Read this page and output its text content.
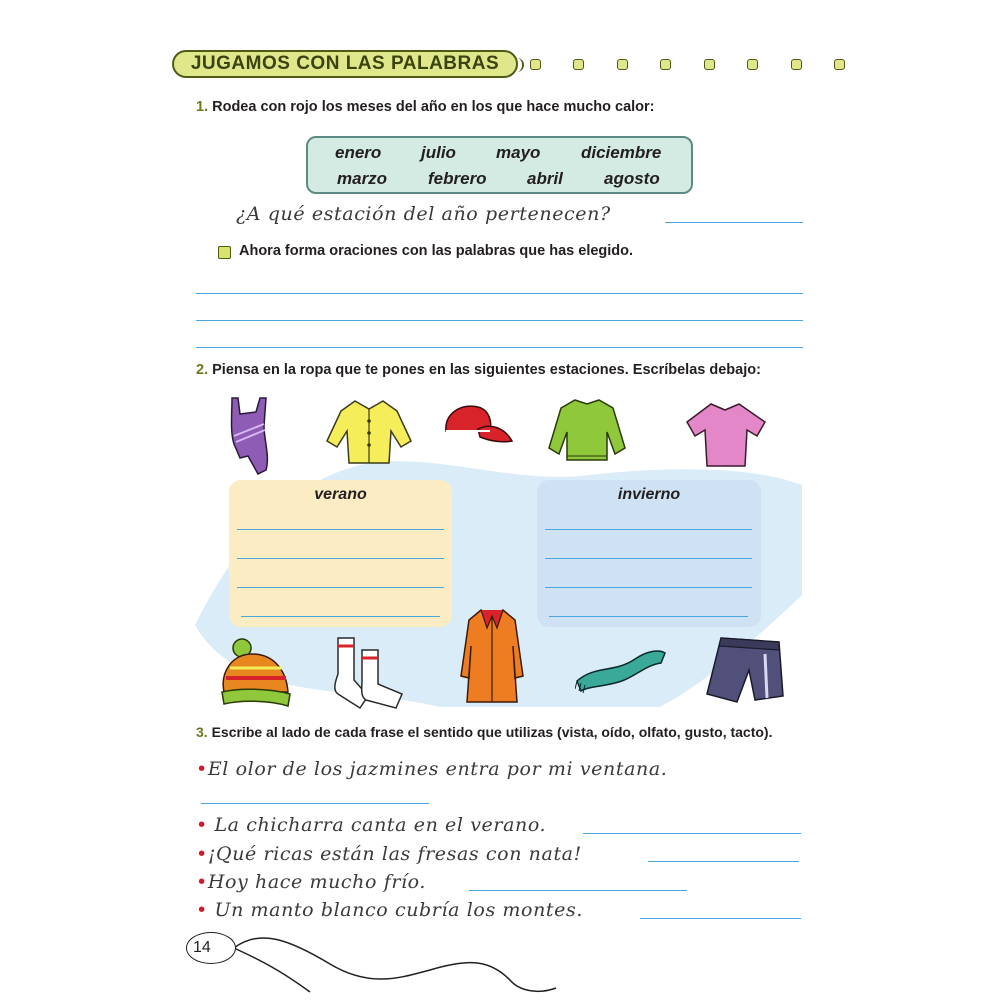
JUGAMOS CON LAS PALABRAS
1. Rodea con rojo los meses del año en los que hace mucho calor:
enero julio mayo diciembre
marzo febrero abril agosto
¿A qué estación del año pertenecen?
Ahora forma oraciones con las palabras que has elegido.
2. Piensa en la ropa que te pones en las siguientes estaciones. Escríbelas debajo:
verano	invierno
3. Escribe al lado de cada frase el sentido que utilizas (vista, oído, olfato, gusto, tacto).
•El olor de los jazmines entra por mi ventana.
• La chicharra canta en el verano.
•¡Qué ricas están las fresas con nata!
•Hoy hace mucho frío.
• Un manto blanco cubría los montes.
14
